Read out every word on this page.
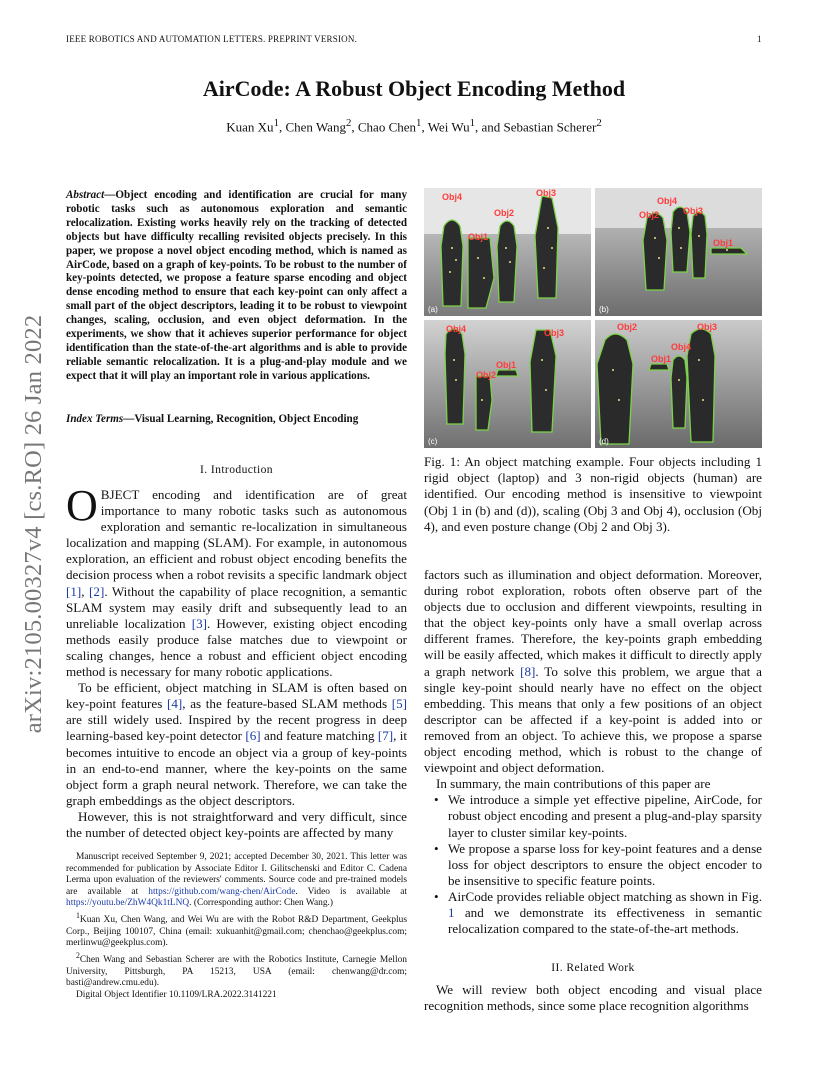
IEEE ROBOTICS AND AUTOMATION LETTERS. PREPRINT VERSION.	1
arXiv:2105.00327v4 [cs.RO] 26 Jan 2022
AirCode: A Robust Object Encoding Method
Kuan Xu$^1$, Chen Wang$^2$, Chao Chen$^1$, Wei Wu$^1$, and Sebastian Scherer$^2$
Abstract—Object encoding and identification are crucial for many robotic tasks such as autonomous exploration and semantic relocalization. Existing works heavily rely on the tracking of detected objects but have difficulty recalling revisited objects precisely. In this paper, we propose a novel object encoding method, which is named as AirCode, based on a graph of key-points. To be robust to the number of key-points detected, we propose a feature sparse encoding and object dense encoding method to ensure that each key-point can only affect a small part of the object descriptors, leading it to be robust to viewpoint changes, scaling, occlusion, and even object deformation. In the experiments, we show that it achieves superior performance for object identification than the state-of-the-art algorithms and is able to provide reliable semantic relocalization. It is a plug-and-play module and we expect that it will play an important role in various applications.
Index Terms—Visual Learning, Recognition, Object Encoding
I. Introduction

OBJECT encoding and identification are of great importance to many robotic tasks such as autonomous exploration and semantic re-localization in simultaneous localization and mapping (SLAM). For example, in autonomous exploration, an efficient and robust object encoding benefits the decision process when a robot revisits a specific landmark object [1], [2]. Without the capability of place recognition, a semantic SLAM system may easily drift and subsequently lead to an unreliable localization [3]. However, existing object encoding methods easily produce false matches due to viewpoint or scaling changes, hence a robust and efficient object encoding method is necessary for many robotic applications.

To be efficient, object matching in SLAM is often based on key-point features [4], as the feature-based SLAM methods [5] are still widely used. Inspired by the recent progress in deep learning-based key-point detector [6] and feature matching [7], it becomes intuitive to encode an object via a group of key-points in an end-to-end manner, where the key-points on the same object form a graph neural network. Therefore, we can take the graph embeddings as the object descriptors.

However, this is not straightforward and very difficult, since the number of detected object key-points are affected by many

Manuscript received September 9, 2021; accepted December 30, 2021. This letter was recommended for publication by Associate Editor I. Gilitschenski and Editor C. Cadena Lerma upon evaluation of the reviewers' comments. Source code and pre-trained models are available at https://github.com/wang-chen/AirCode. Video is available at https://youtu.be/ZhW4Qk1tLNQ. (Corresponding author: Chen Wang.)

$^1$Kuan Xu, Chen Wang, and Wei Wu are with the Robot R&D Department, Geekplus Corp., Beijing 100107, China (email: xukuanhit@gmail.com; chenchao@geekplus.com; merlinwu@geekplus.com).

$^2$Chen Wang and Sebastian Scherer are with the Robotics Institute, Carnegie Mellon University, Pittsburgh, PA 15213, USA (email: chenwang@dr.com; basti@andrew.cmu.edu).

Digital Object Identifier 10.1109/LRA.2022.3141221

Obj4	Obj3
Obj2
Obj1
(a)
Obj4
Obj3
Obj2
Obj1
(b)
Obj4	Obj3
Obj1
Obj2
(c)
Obj2	Obj3
Obj4
Obj1
(d)
Fig. 1: An object matching example. Four objects including 1 rigid object (laptop) and 3 non-rigid objects (human) are identified. Our encoding method is insensitive to viewpoint (Obj 1 in (b) and (d)), scaling (Obj 3 and Obj 4), occlusion (Obj 4), and even posture change (Obj 2 and Obj 3).

factors such as illumination and object deformation. Moreover, during robot exploration, robots often observe part of the objects due to occlusion and different viewpoints, resulting in that the object key-points only have a small overlap across different frames. Therefore, the key-points graph embedding will be easily affected, which makes it difficult to directly apply a graph network [8]. To solve this problem, we argue that a single key-point should nearly have no effect on the object embedding. This means that only a few positions of an object descriptor can be affected if a key-point is added into or removed from an object. To achieve this, we propose a sparse object encoding method, which is robust to the change of viewpoint and object deformation.

In summary, the main contributions of this paper are

• We introduce a simple yet effective pipeline, AirCode, for robust object encoding and present a plug-and-play sparsity layer to cluster similar key-points.
• We propose a sparse loss for key-point features and a dense loss for object descriptors to ensure the object encoder to be insensitive to specific feature points.
• AirCode provides reliable object matching as shown in Fig. 1 and we demonstrate its effectiveness in semantic relocalization compared to the state-of-the-art methods.
II. Related Work

We will review both object encoding and visual place recognition methods, since some place recognition algorithms
